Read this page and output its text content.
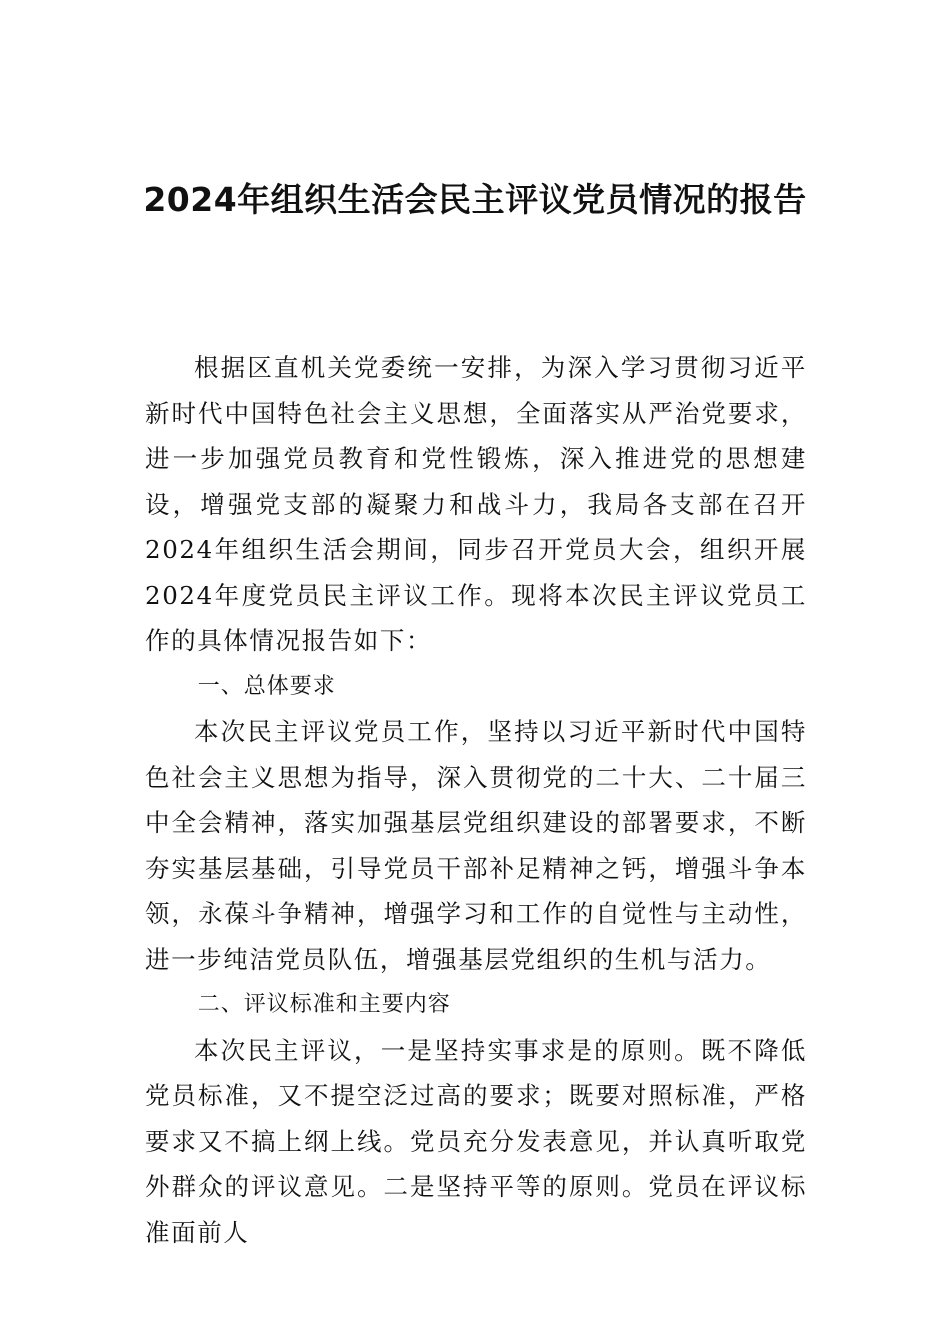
2024年组织生活会民主评议党员情况的报告

根据区直机关党委统一安排，为深入学习贯彻习近平新时代中国特色社会主义思想，全面落实从严治党要求，进一步加强党员教育和党性锻炼，深入推进党的思想建设，增强党支部的凝聚力和战斗力，我局各支部在召开2024年组织生活会期间，同步召开党员大会，组织开展2024年度党员民主评议工作。现将本次民主评议党员工作的具体情况报告如下：

一、总体要求

本次民主评议党员工作，坚持以习近平新时代中国特色社会主义思想为指导，深入贯彻党的二十大、二十届三中全会精神，落实加强基层党组织建设的部署要求，不断夯实基层基础，引导党员干部补足精神之钙，增强斗争本领，永葆斗争精神，增强学习和工作的自觉性与主动性，进一步纯洁党员队伍，增强基层党组织的生机与活力。

二、评议标准和主要内容

本次民主评议，一是坚持实事求是的原则。既不降低党员标准，又不提空泛过高的要求；既要对照标准，严格要求又不搞上纲上线。党员充分发表意见，并认真听取党外群众的评议意见。二是坚持平等的原则。党员在评议标准面前人
